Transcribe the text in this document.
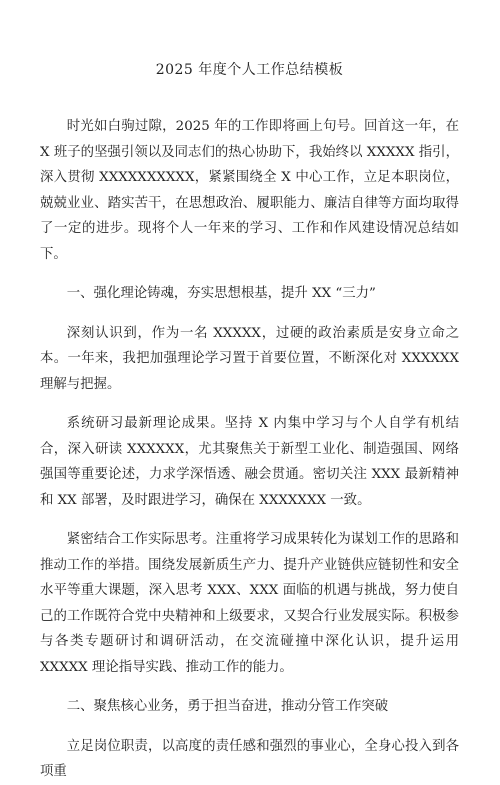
2025 年度个人工作总结模板

时光如白驹过隙，2025 年的工作即将画上句号。回首这一年，在 X 班子的坚强引领以及同志们的热心协助下，我始终以 XXXXX 指引，深入贯彻 XXXXXXXXXX，紧紧围绕全 X 中心工作，立足本职岗位，兢兢业业、踏实苦干，在思想政治、履职能力、廉洁自律等方面均取得了一定的进步。现将个人一年来的学习、工作和作风建设情况总结如下。

一、强化理论铸魂，夯实思想根基，提升 XX “三力”

深刻认识到，作为一名 XXXXX，过硬的政治素质是安身立命之本。一年来，我把加强理论学习置于首要位置，不断深化对 XXXXXX 理解与把握。

系统研习最新理论成果。坚持 X 内集中学习与个人自学有机结合，深入研读 XXXXXX，尤其聚焦关于新型工业化、制造强国、网络强国等重要论述，力求学深悟透、融会贯通。密切关注 XXX 最新精神和 XX 部署，及时跟进学习，确保在 XXXXXXX 一致。

紧密结合工作实际思考。注重将学习成果转化为谋划工作的思路和推动工作的举措。围绕发展新质生产力、提升产业链供应链韧性和安全水平等重大课题，深入思考 XXX、XXX 面临的机遇与挑战，努力使自己的工作既符合党中央精神和上级要求，又契合行业发展实际。积极参与各类专题研讨和调研活动，在交流碰撞中深化认识，提升运用 XXXXX 理论指导实践、推动工作的能力。

二、聚焦核心业务，勇于担当奋进，推动分管工作突破

立足岗位职责，以高度的责任感和强烈的事业心，全身心投入到各项重
